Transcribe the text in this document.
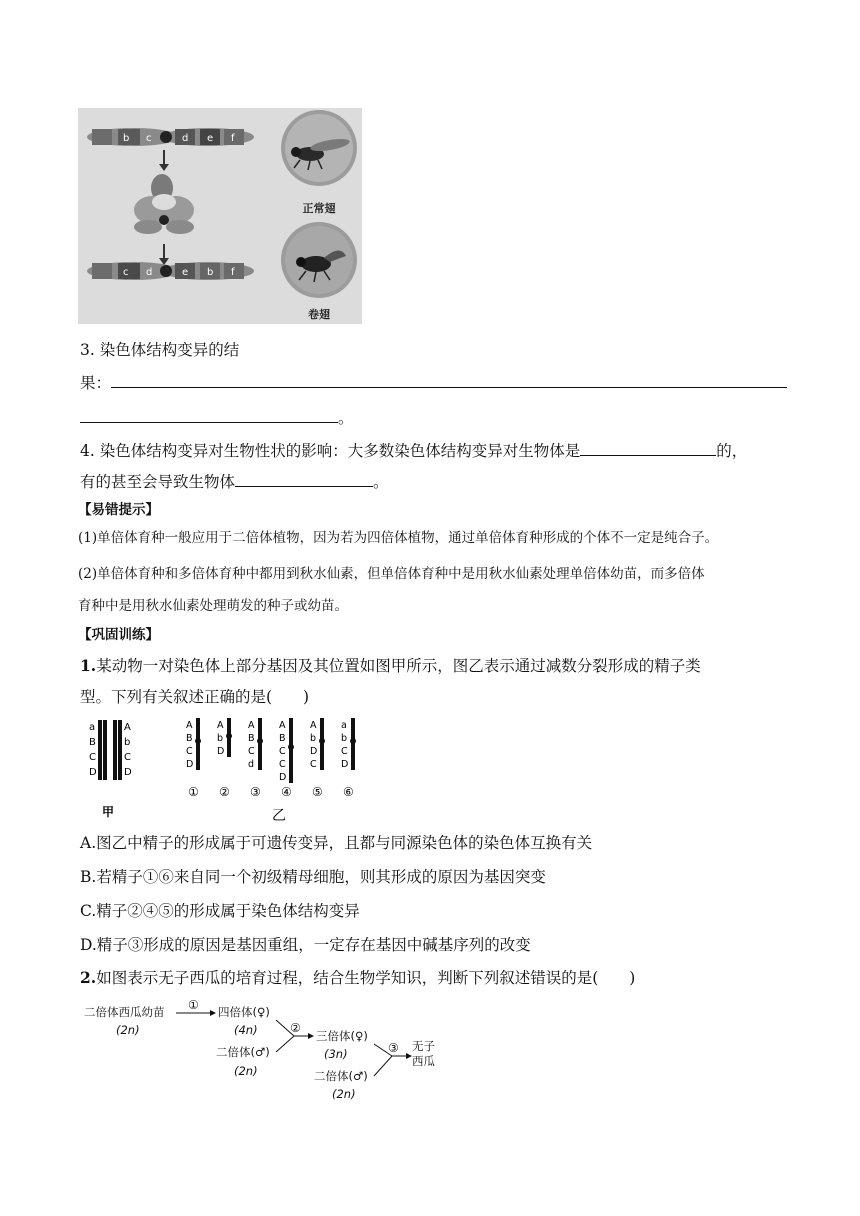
b c	d e f
c d	e b f
正常翅
卷翅
3. 染色体结构变异的结
果：
。
4. 染色体结构变异对生物性状的影响：大多数染色体结构变异对生物体是	的，
有的甚至会导致生物体	。
【易错提示】
(1)单倍体育种一般应用于二倍体植物，因为若为四倍体植物，通过单倍体育种形成的个体不一定是纯合子。
(2)单倍体育种和多倍体育种中都用到秋水仙素，但单倍体育种中是用秋水仙素处理单倍体幼苗，而多倍体
育种中是用秋水仙素处理萌发的种子或幼苗。
【巩固训练】
1.某动物一对染色体上部分基因及其位置如图甲所示，图乙表示通过减数分裂形成的精子类
型。下列有关叙述正确的是(　　)
a
B
C
D
A
b
C
D
甲
A
B
C
D
①
A
b
D
②
A
B
C
d
③
A
B
C
C
D
④
A
b
D
C
⑤
a
b
C
D
⑥
乙
A.图乙中精子的形成属于可遗传变异，且都与同源染色体的染色体互换有关
B.若精子①⑥来自同一个初级精母细胞，则其形成的原因为基因突变
C.精子②④⑤的形成属于染色体结构变异
D.精子③形成的原因是基因重组，一定存在基因中碱基序列的改变
2.如图表示无子西瓜的培育过程，结合生物学知识，判断下列叙述错误的是(　　)
二倍体西瓜幼苗
(2n)
① 四倍体(♀)
(4n)
二倍体(♂)
(2n)
②
三倍体(♀)
(3n)
二倍体(♂)
(2n)
③ 无子
西瓜
